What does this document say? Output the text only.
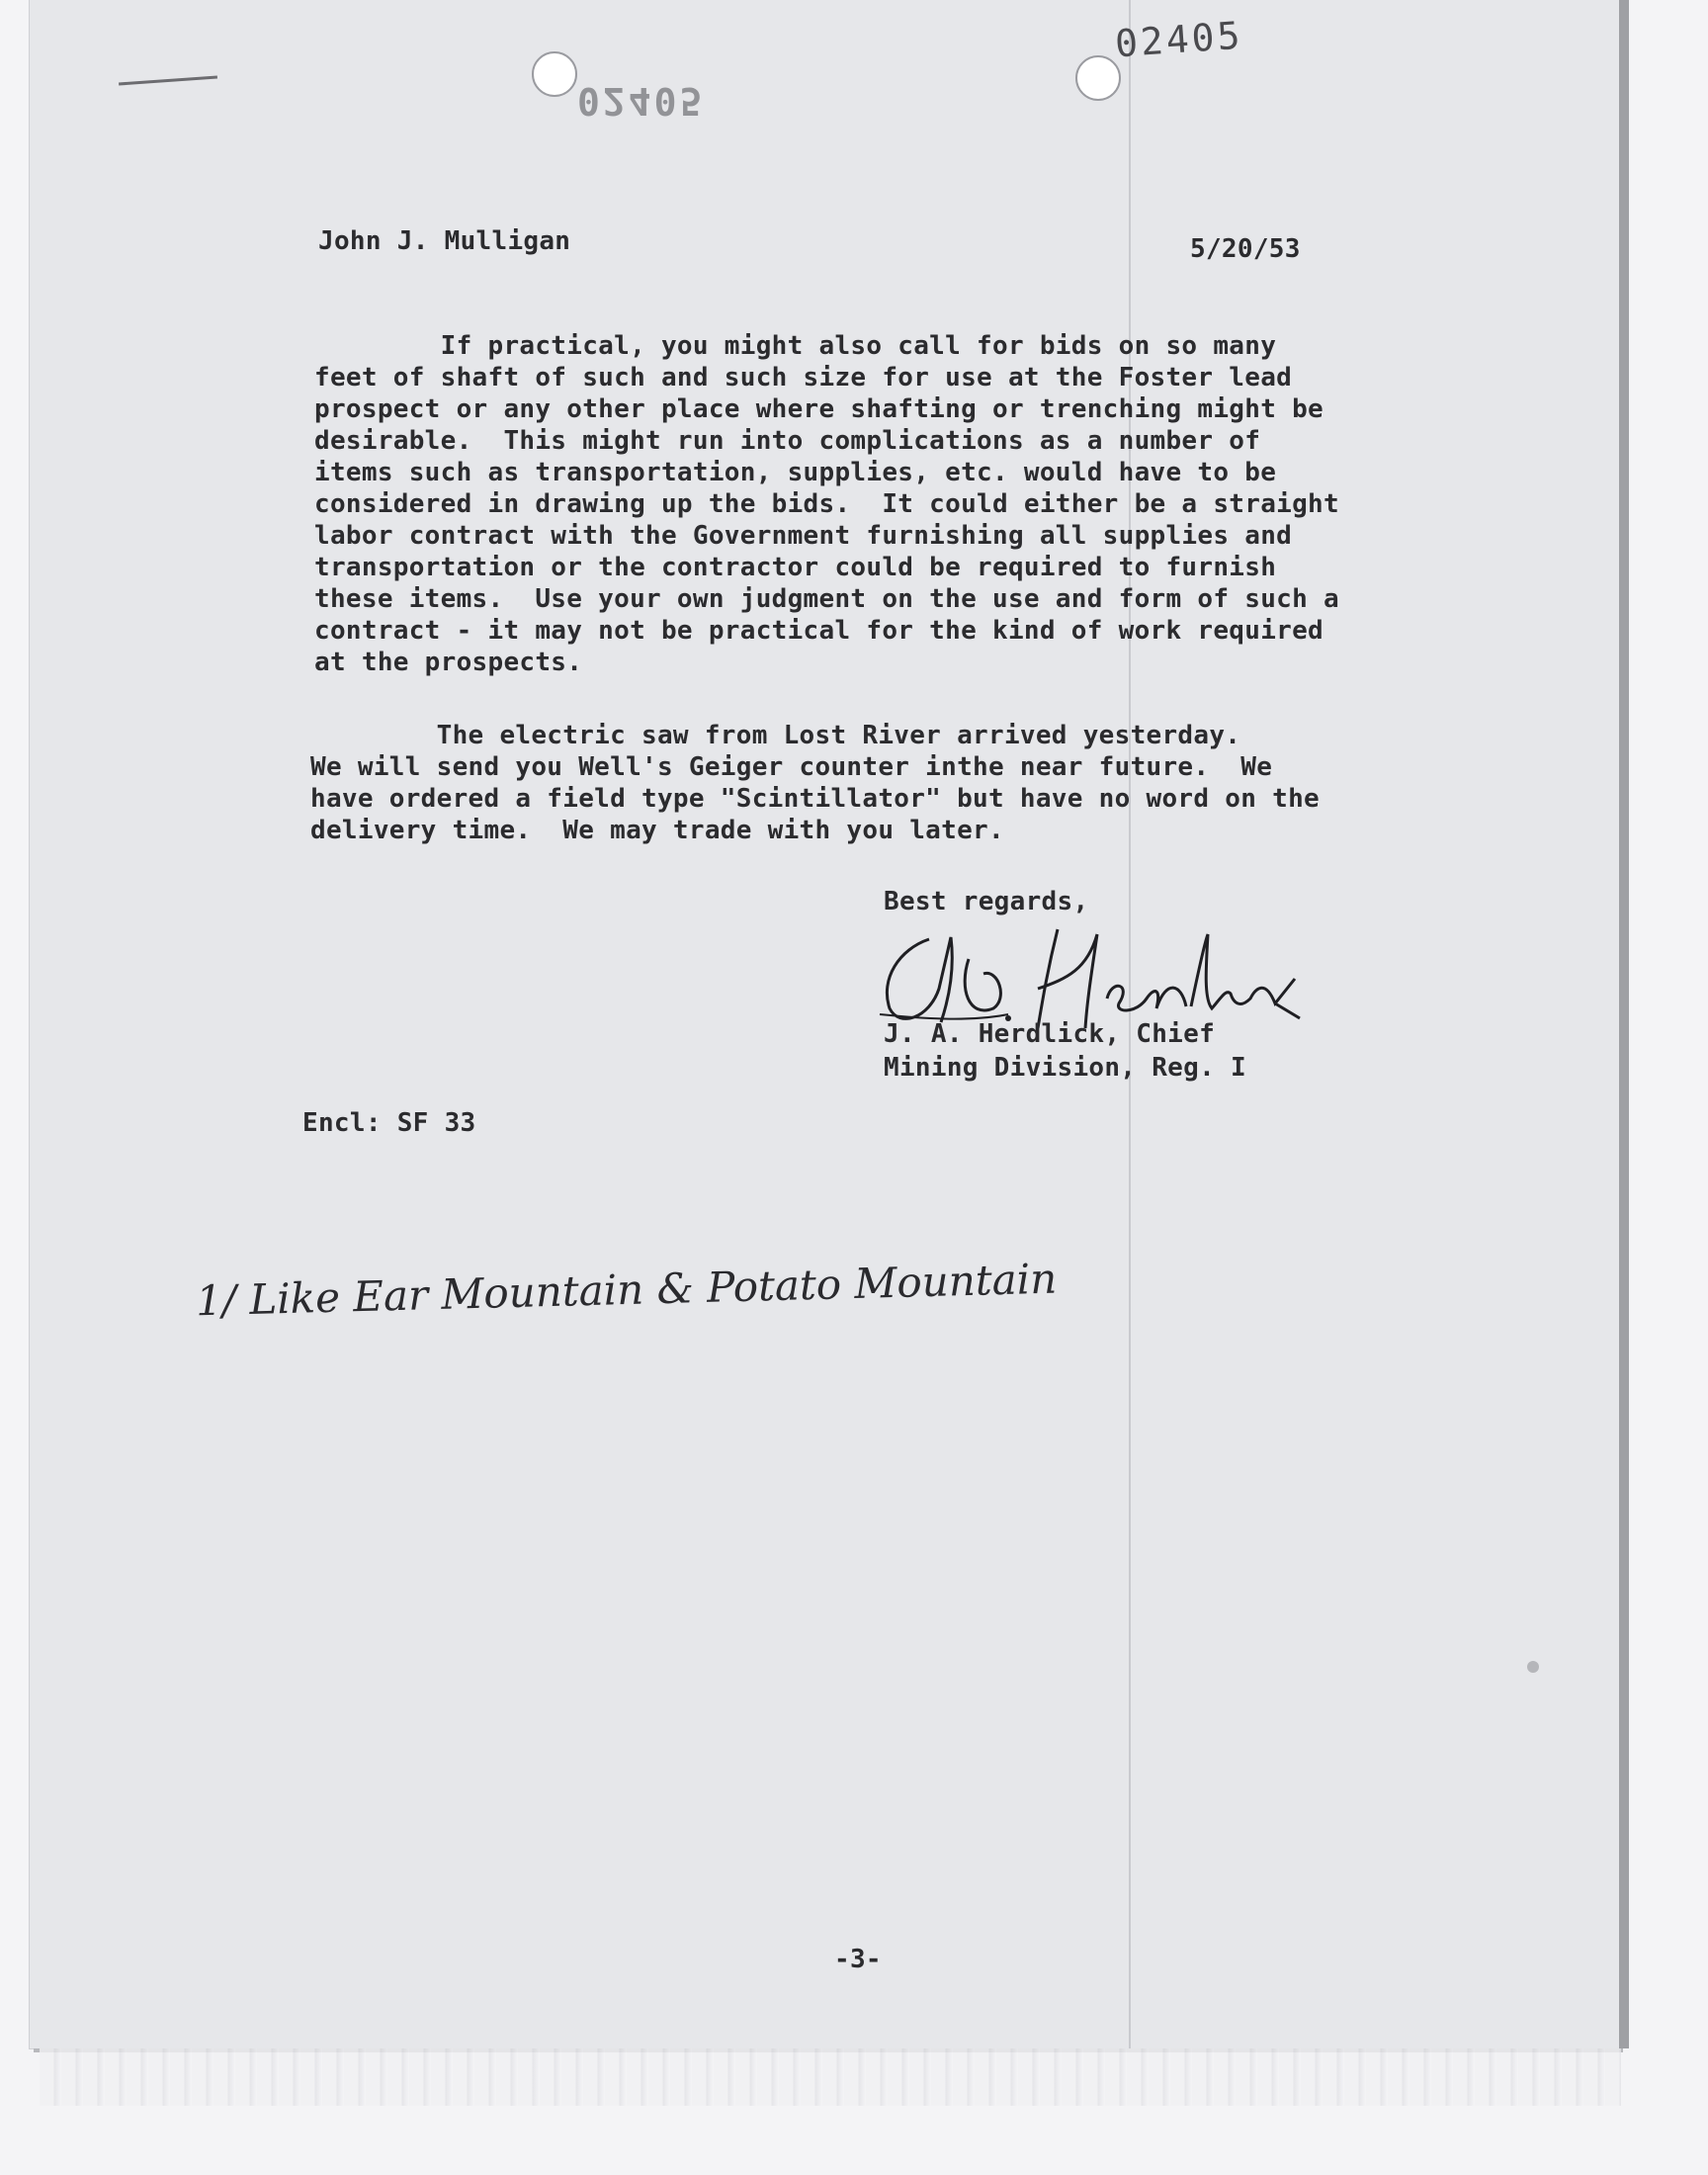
02405
02405
John J. Mulligan	5/20/53
If practical, you might also call for bids on so many
feet of shaft of such and such size for use at the Foster lead
prospect or any other place where shafting or trenching might be
desirable.  This might run into complications as a number of
items such as transportation, supplies, etc. would have to be
considered in drawing up the bids.  It could either be a straight
labor contract with the Government furnishing all supplies and
transportation or the contractor could be required to furnish
these items.  Use your own judgment on the use and form of such a
contract - it may not be practical for the kind of work required
at the prospects.
The electric saw from Lost River arrived yesterday.
We will send you Well's Geiger counter inthe near future.  We
have ordered a field type "Scintillator" but have no word on the
delivery time.  We may trade with you later.
Best regards,
J. A. Herdlick, Chief
Mining Division, Reg. I
Encl: SF 33
1/ Like Ear Mountain & Potato Mountain
-3-
